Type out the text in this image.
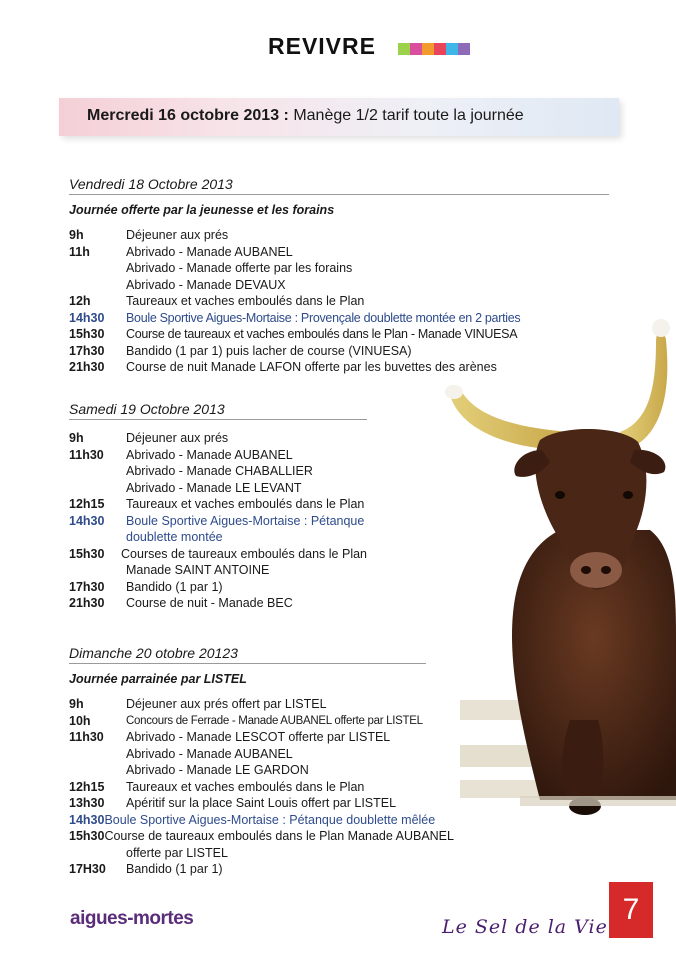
REVIVRE
Mercredi 16 octobre 2013 : Manège 1/2 tarif toute la journée
Vendredi 18 Octobre 2013
Journée offerte par la jeunesse et les forains
9h	Déjeuner aux prés
11h	Abrivado - Manade AUBANEL
Abrivado - Manade offerte par les forains
Abrivado - Manade DEVAUX
12h	Taureaux et vaches emboulés dans le Plan
14h30	Boule Sportive Aigues-Mortaise : Provençale doublette montée en 2 parties
15h30	Course de taureaux et vaches emboulés dans le Plan - Manade VINUESA
17h30	Bandido (1 par 1) puis lacher de course (VINUESA)
21h30	Course de nuit Manade LAFON offerte par les buvettes des arènes
Samedi 19 Octobre 2013
9h	Déjeuner aux prés
11h30	Abrivado - Manade AUBANEL
Abrivado - Manade CHABALLIER
Abrivado - Manade LE LEVANT
12h15	Taureaux et vaches emboulés dans le Plan
14h30	Boule Sportive Aigues-Mortaise : Pétanque
doublette montée
15h30	Courses de taureaux emboulés dans le Plan
Manade SAINT ANTOINE
17h30	Bandido (1 par 1)
21h30	Course de nuit - Manade BEC
Dimanche 20 otobre 20123
Journée parrainée par LISTEL
9h	Déjeuner aux prés offert par LISTEL
10h	Concours de Ferrade - Manade AUBANEL offerte par LISTEL
11h30	Abrivado - Manade LESCOT offerte par LISTEL
Abrivado - Manade AUBANEL
Abrivado - Manade LE GARDON
12h15	Taureaux et vaches emboulés dans le Plan
13h30	Apéritif sur la place Saint Louis offert par LISTEL
14h30 Boule Sportive Aigues-Mortaise : Pétanque doublette mêlée
15h30 Course de taureaux emboulés dans le Plan Manade AUBANEL
offerte par LISTEL
17H30	Bandido (1 par 1)
aigues-mortes	Le Sel de la Vie
7
